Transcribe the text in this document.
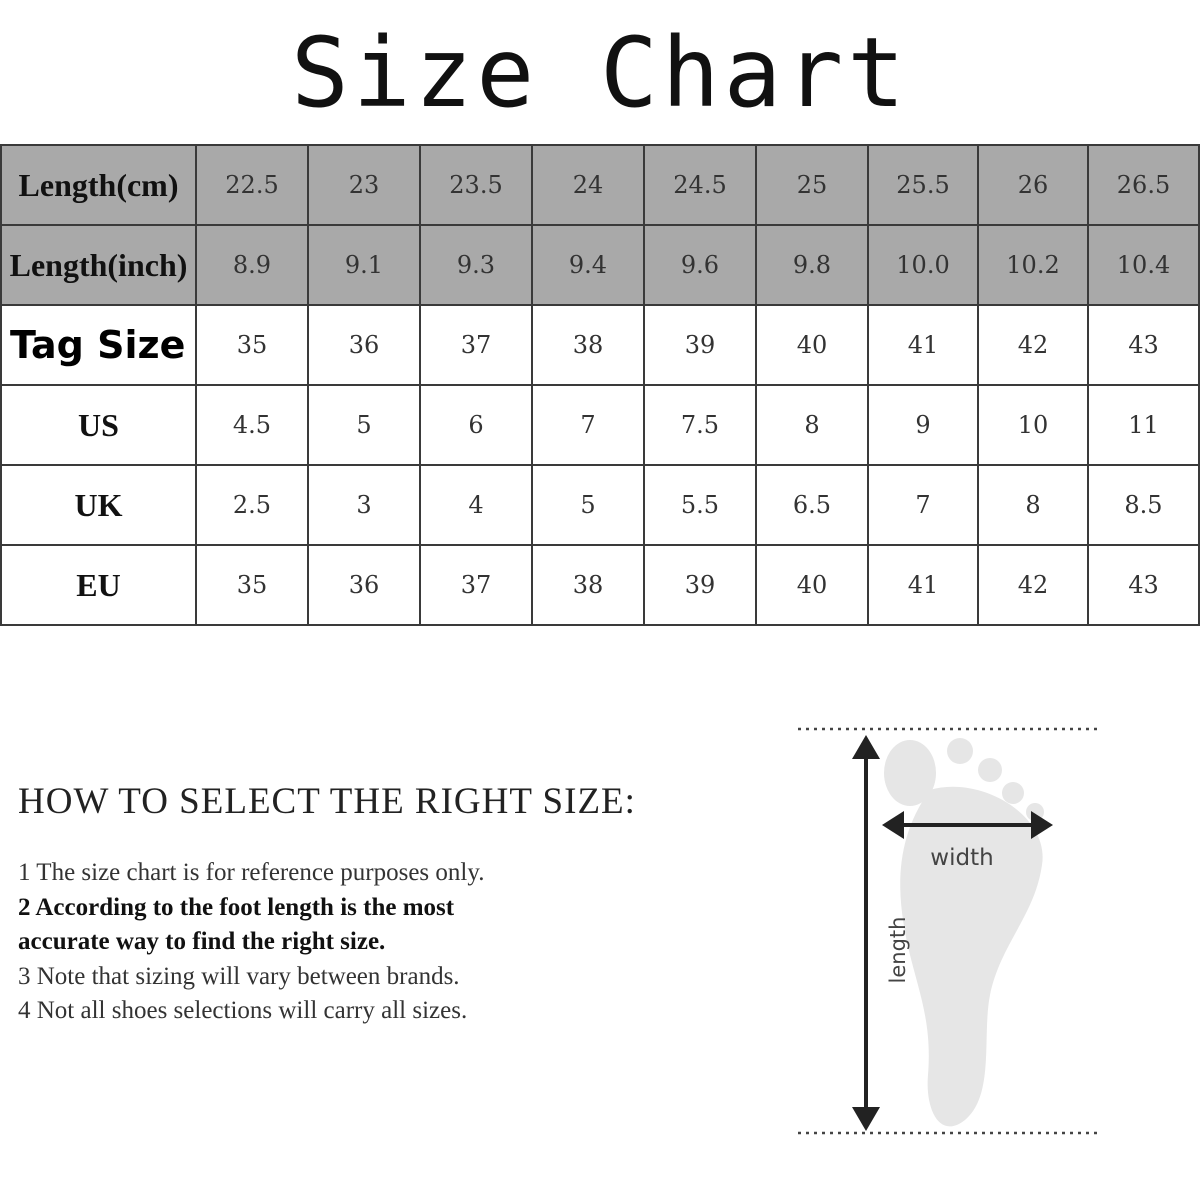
Size Chart
Length(cm)	22.5	23	23.5	24	24.5	25	25.5	26	26.5
Length(inch)	8.9	9.1	9.3	9.4	9.6	9.8	10.0	10.2	10.4
Tag Size	35	36	37	38	39	40	41	42	43
US	4.5	5	6	7	7.5	8	9	10	11
UK	2.5	3	4	5	5.5	6.5	7	8	8.5
EU	35	36	37	38	39	40	41	42	43
HOW TO SELECT THE RIGHT SIZE:
1 The size chart is for reference purposes only.
2 According to the foot length is the most
accurate way to find the right size.
3 Note that sizing will vary between brands.
4 Not all shoes selections will carry all sizes.
width
length
